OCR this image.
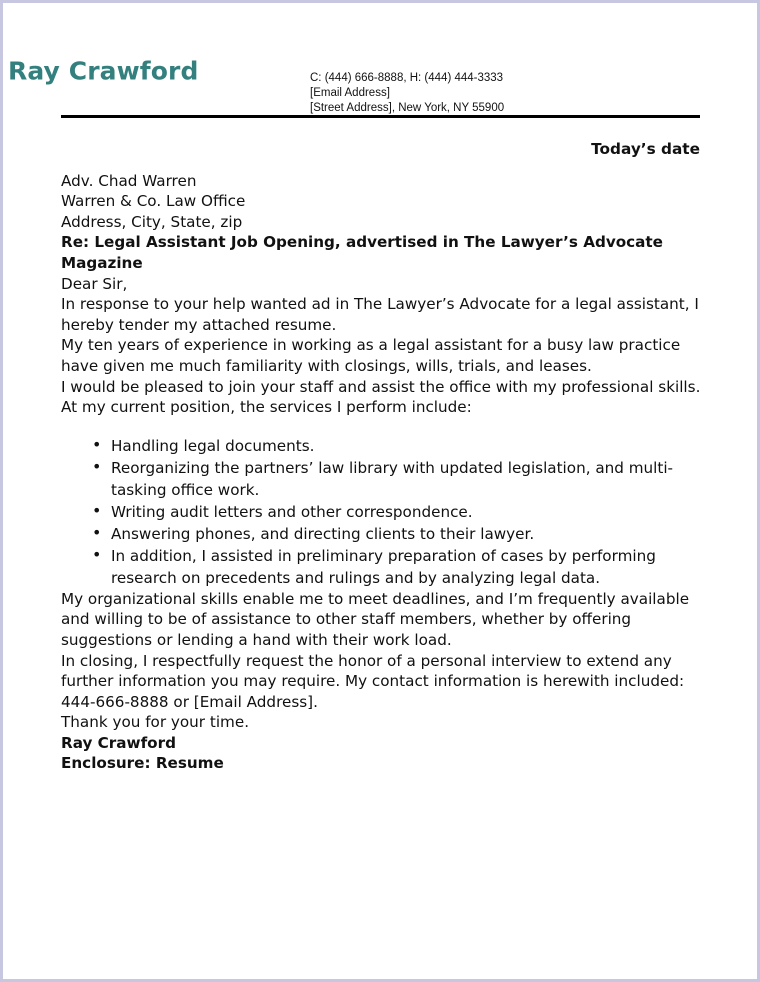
Ray Crawford	C: (444) 666-8888, H: (444) 444-3333
[Email Address]
[Street Address], New York, NY 55900
Today’s date
Adv. Chad Warren
Warren & Co. Law Office
Address, City, State, zip

Re: Legal Assistant Job Opening, advertised in The Lawyer’s Advocate Magazine

Dear Sir,

In response to your help wanted ad in The Lawyer’s Advocate for a legal assistant, I hereby tender my attached resume.

My ten years of experience in working as a legal assistant for a busy law practice have given me much familiarity with closings, wills, trials, and leases.

I would be pleased to join your staff and assist the office with my professional skills.

At my current position, the services I perform include:

• Handling legal documents.
• Reorganizing the partners’ law library with updated legislation, and multi-tasking office work.
• Writing audit letters and other correspondence.
• Answering phones, and directing clients to their lawyer.
• In addition, I assisted in preliminary preparation of cases by performing research on precedents and rulings and by analyzing legal data.

My organizational skills enable me to meet deadlines, and I’m frequently available and willing to be of assistance to other staff members, whether by offering suggestions or lending a hand with their work load.

In closing, I respectfully request the honor of a personal interview to extend any further information you may require. My contact information is herewith included: 444-666-8888 or [Email Address].

Thank you for your time.

Ray Crawford

Enclosure: Resume
